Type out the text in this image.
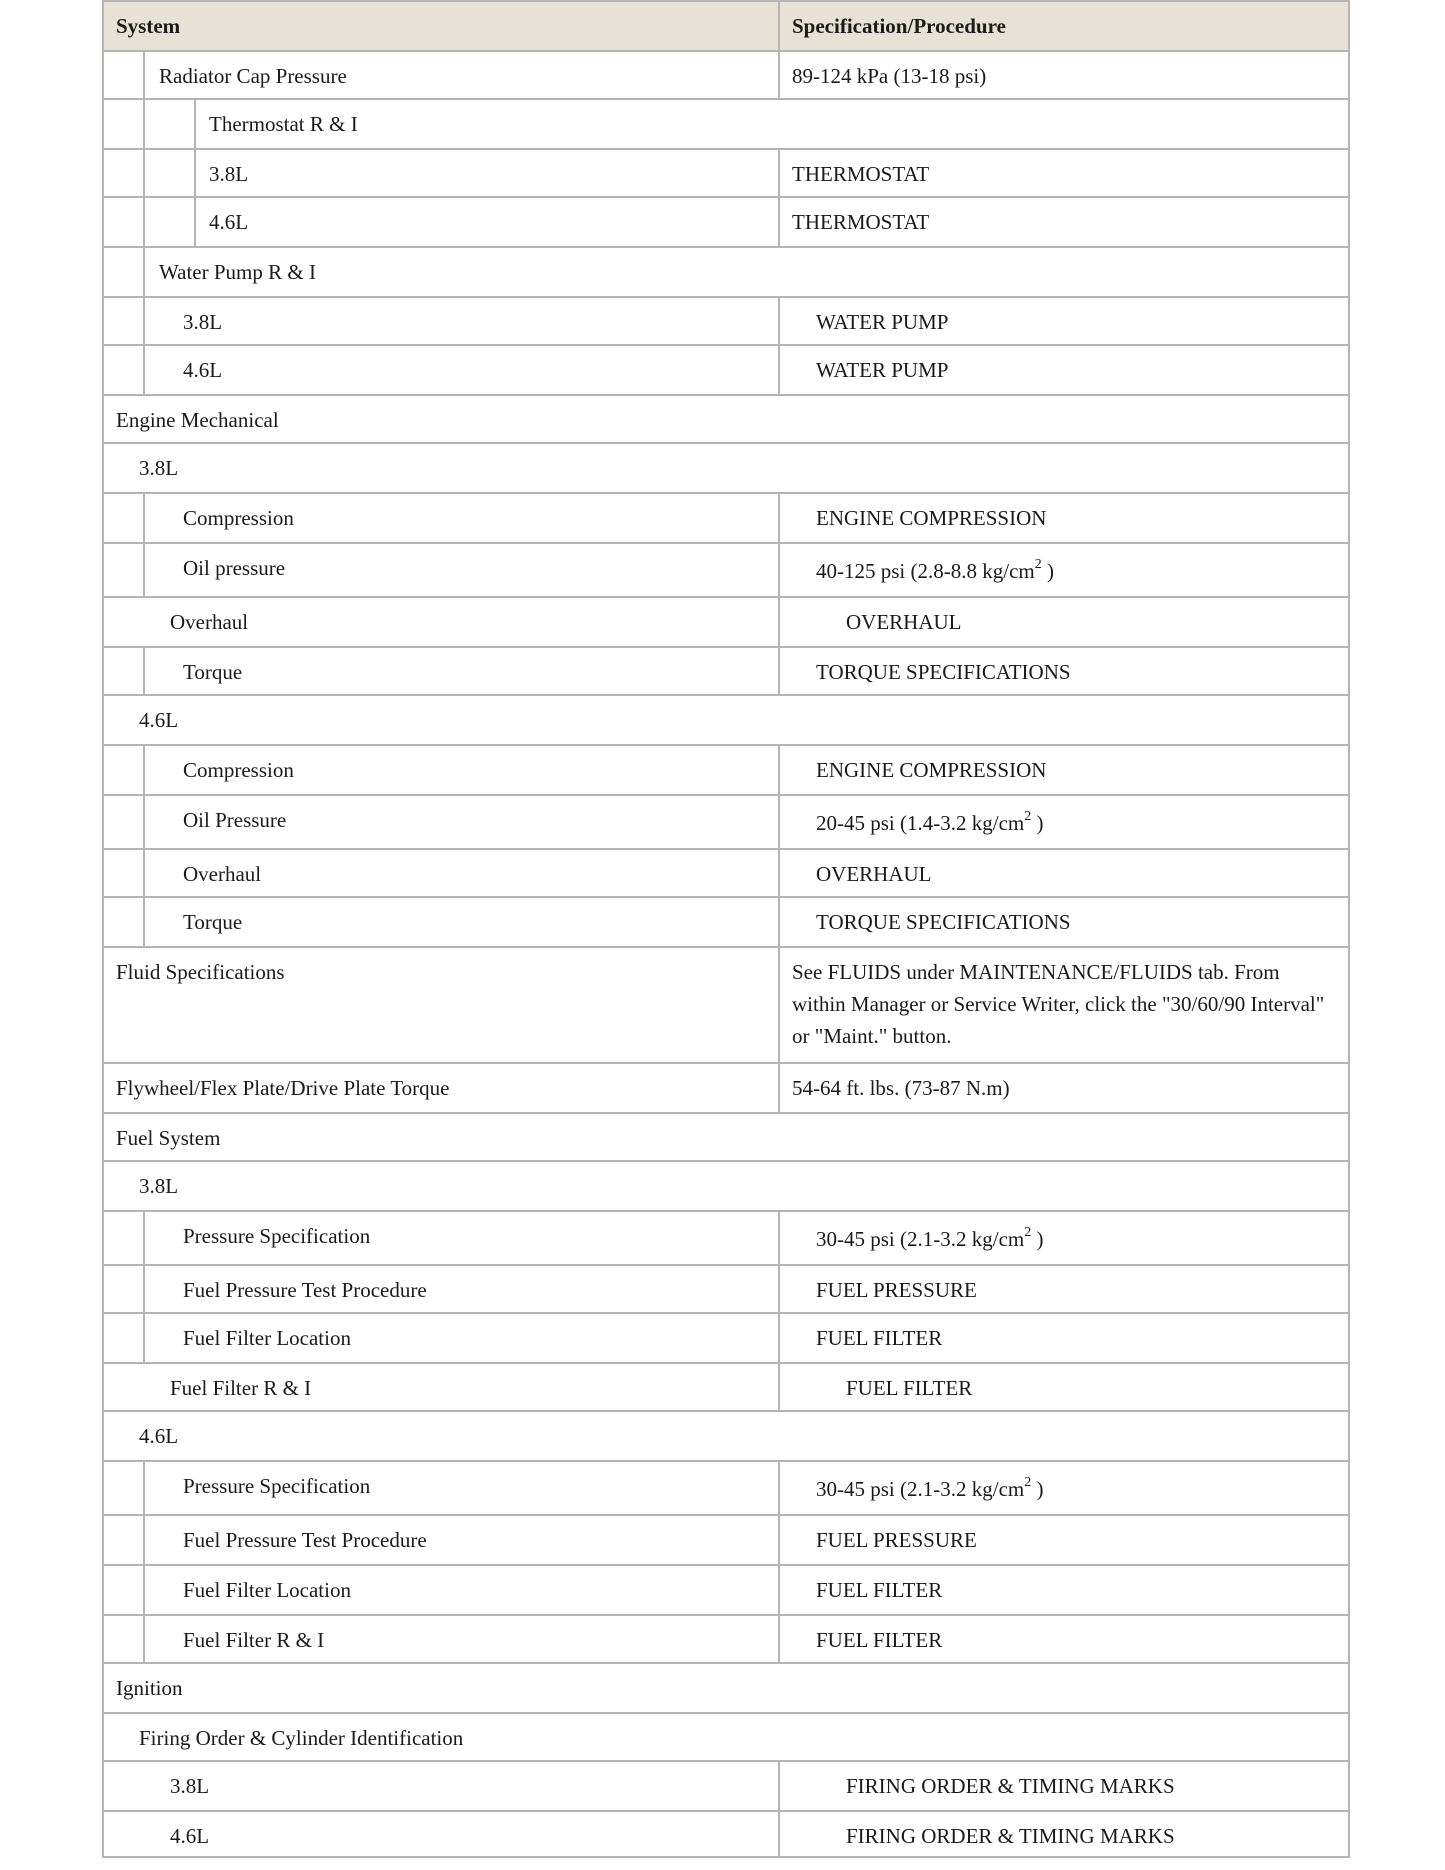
System	Specification/Procedure
Radiator Cap Pressure	89-124 kPa (13-18 psi)
Thermostat R & I
3.8L	THERMOSTAT
4.6L	THERMOSTAT
Water Pump R & I
3.8L	WATER PUMP
4.6L	WATER PUMP
Engine Mechanical
3.8L
Compression	ENGINE COMPRESSION
Oil pressure	40-125 psi (2.8-8.8 $kg/cm^2$ )
Overhaul	OVERHAUL
Torque	TORQUE SPECIFICATIONS
4.6L
Compression	ENGINE COMPRESSION
Oil Pressure	20-45 psi (1.4-3.2 $kg/cm^2$ )
Overhaul	OVERHAUL
Torque	TORQUE SPECIFICATIONS
Fluid Specifications	See FLUIDS under MAINTENANCE/FLUIDS tab. From
within Manager or Service Writer, click the "30/60/90 Interval"
or "Maint." button.
Flywheel/Flex Plate/Drive Plate Torque	54-64 ft. lbs. (73-87 N.m)
Fuel System
3.8L
Pressure Specification	30-45 psi (2.1-3.2 $kg/cm^2$ )
Fuel Pressure Test Procedure	FUEL PRESSURE
Fuel Filter Location	FUEL FILTER
Fuel Filter R & I	FUEL FILTER
4.6L
Pressure Specification	30-45 psi (2.1-3.2 $kg/cm^2$ )
Fuel Pressure Test Procedure	FUEL PRESSURE
Fuel Filter Location	FUEL FILTER
Fuel Filter R & I	FUEL FILTER
Ignition
Firing Order & Cylinder Identification
3.8L	FIRING ORDER & TIMING MARKS
4.6L	FIRING ORDER & TIMING MARKS
